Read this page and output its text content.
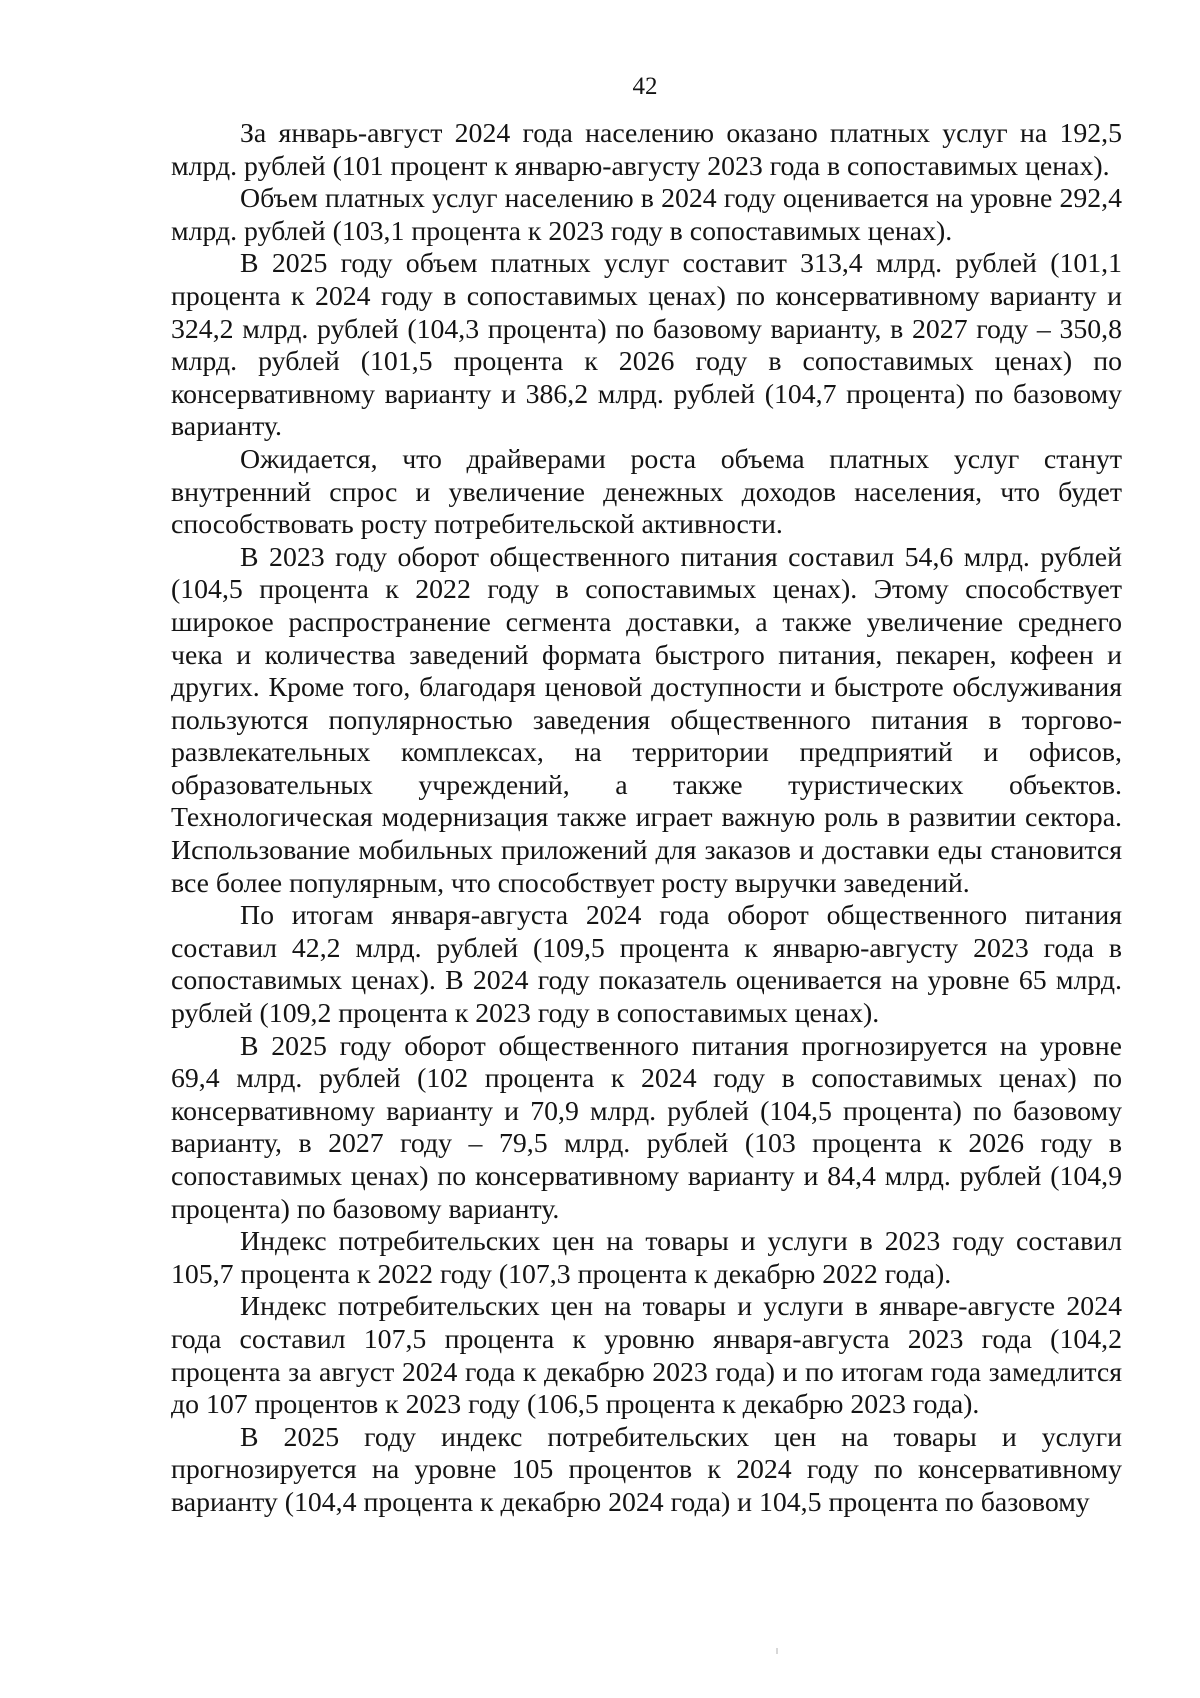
42

За январь-август 2024 года населению оказано платных услуг на 192,5 млрд. рублей (101 процент к январю-августу 2023 года в сопоставимых ценах).

Объем платных услуг населению в 2024 году оценивается на уровне 292,4 млрд. рублей (103,1 процента к 2023 году в сопоставимых ценах).

В 2025 году объем платных услуг составит 313,4 млрд. рублей (101,1 процента к 2024 году в сопоставимых ценах) по консервативному варианту и 324,2 млрд. рублей (104,3 процента) по базовому варианту, в 2027 году – 350,8 млрд. рублей (101,5 процента к 2026 году в сопоставимых ценах) по консервативному варианту и 386,2 млрд. рублей (104,7 процента) по базовому варианту.

Ожидается, что драйверами роста объема платных услуг станут внутренний спрос и увеличение денежных доходов населения, что будет способствовать росту потребительской активности.

В 2023 году оборот общественного питания составил 54,6 млрд. рублей (104,5 процента к 2022 году в сопоставимых ценах). Этому способствует широкое распространение сегмента доставки, а также увеличение среднего чека и количества заведений формата быстрого питания, пекарен, кофеен и других. Кроме того, благодаря ценовой доступности и быстроте обслуживания пользуются популярностью заведения общественного питания в торгово-развлекательных комплексах, на территории предприятий и офисов, образовательных учреждений, а также туристических объектов. Технологическая модернизация также играет важную роль в развитии сектора. Использование мобильных приложений для заказов и доставки еды становится все более популярным, что способствует росту выручки заведений.

По итогам января-августа 2024 года оборот общественного питания составил 42,2 млрд. рублей (109,5 процента к январю-августу 2023 года в сопоставимых ценах). В 2024 году показатель оценивается на уровне 65 млрд. рублей (109,2 процента к 2023 году в сопоставимых ценах).

В 2025 году оборот общественного питания прогнозируется на уровне 69,4 млрд. рублей (102 процента к 2024 году в сопоставимых ценах) по консервативному варианту и 70,9 млрд. рублей (104,5 процента) по базовому варианту, в 2027 году – 79,5 млрд. рублей (103 процента к 2026 году в сопоставимых ценах) по консервативному варианту и 84,4 млрд. рублей (104,9 процента) по базовому варианту.

Индекс потребительских цен на товары и услуги в 2023 году составил 105,7 процента к 2022 году (107,3 процента к декабрю 2022 года).

Индекс потребительских цен на товары и услуги в январе-августе 2024 года составил 107,5 процента к уровню января-августа 2023 года (104,2 процента за август 2024 года к декабрю 2023 года) и по итогам года замедлится до 107 процентов к 2023 году (106,5 процента к декабрю 2023 года).

В 2025 году индекс потребительских цен на товары и услуги прогнозируется на уровне 105 процентов к 2024 году по консервативному варианту (104,4 процента к декабрю 2024 года) и 104,5 процента по базовому
